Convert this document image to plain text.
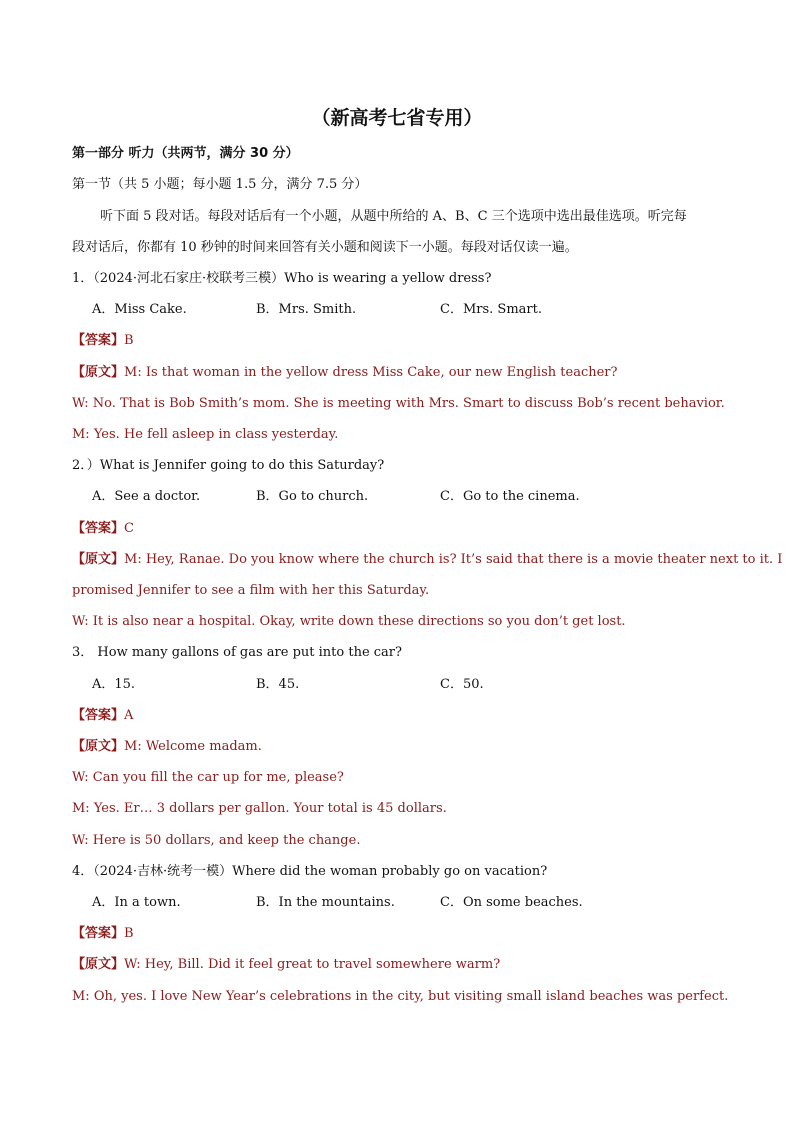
（新高考七省专用）
第一部分 听力（共两节，满分 30 分）
第一节（共 5 小题；每小题 1.5 分，满分 7.5 分）
听下面 5 段对话。每段对话后有一个小题，从题中所给的 A、B、C 三个选项中选出最佳选项。听完每
段对话后，你都有 10 秒钟的时间来回答有关小题和阅读下一小题。每段对话仅读一遍。
1．（2024·河北石家庄·校联考三模）Who is wearing a yellow dress?
A．Miss Cake.	B．Mrs. Smith.	C．Mrs. Smart.
【答案】B
【原文】M: Is that woman in the yellow dress Miss Cake, our new English teacher?
W: No. That is Bob Smith’s mom. She is meeting with Mrs. Smart to discuss Bob’s recent behavior.
M: Yes. He fell asleep in class yesterday.
2．）What is Jennifer going to do this Saturday?
A．See a doctor.	B．Go to church.	C．Go to the cinema.
【答案】C
【原文】M: Hey, Ranae. Do you know where the church is? It’s said that there is a movie theater next to it. I
promised Jennifer to see a film with her this Saturday.
W: It is also near a hospital. Okay, write down these directions so you don’t get lost.
3． How many gallons of gas are put into the car?
A．15.	B．45.	C．50.
【答案】A
【原文】M: Welcome madam.
W: Can you fill the car up for me, please?
M: Yes. Er… 3 dollars per gallon. Your total is 45 dollars.
W: Here is 50 dollars, and keep the change.
4．（2024·吉林·统考一模）Where did the woman probably go on vacation?
A．In a town.	B．In the mountains.	C．On some beaches.
【答案】B
【原文】W: Hey, Bill. Did it feel great to travel somewhere warm?
M: Oh, yes. I love New Year’s celebrations in the city, but visiting small island beaches was perfect.
